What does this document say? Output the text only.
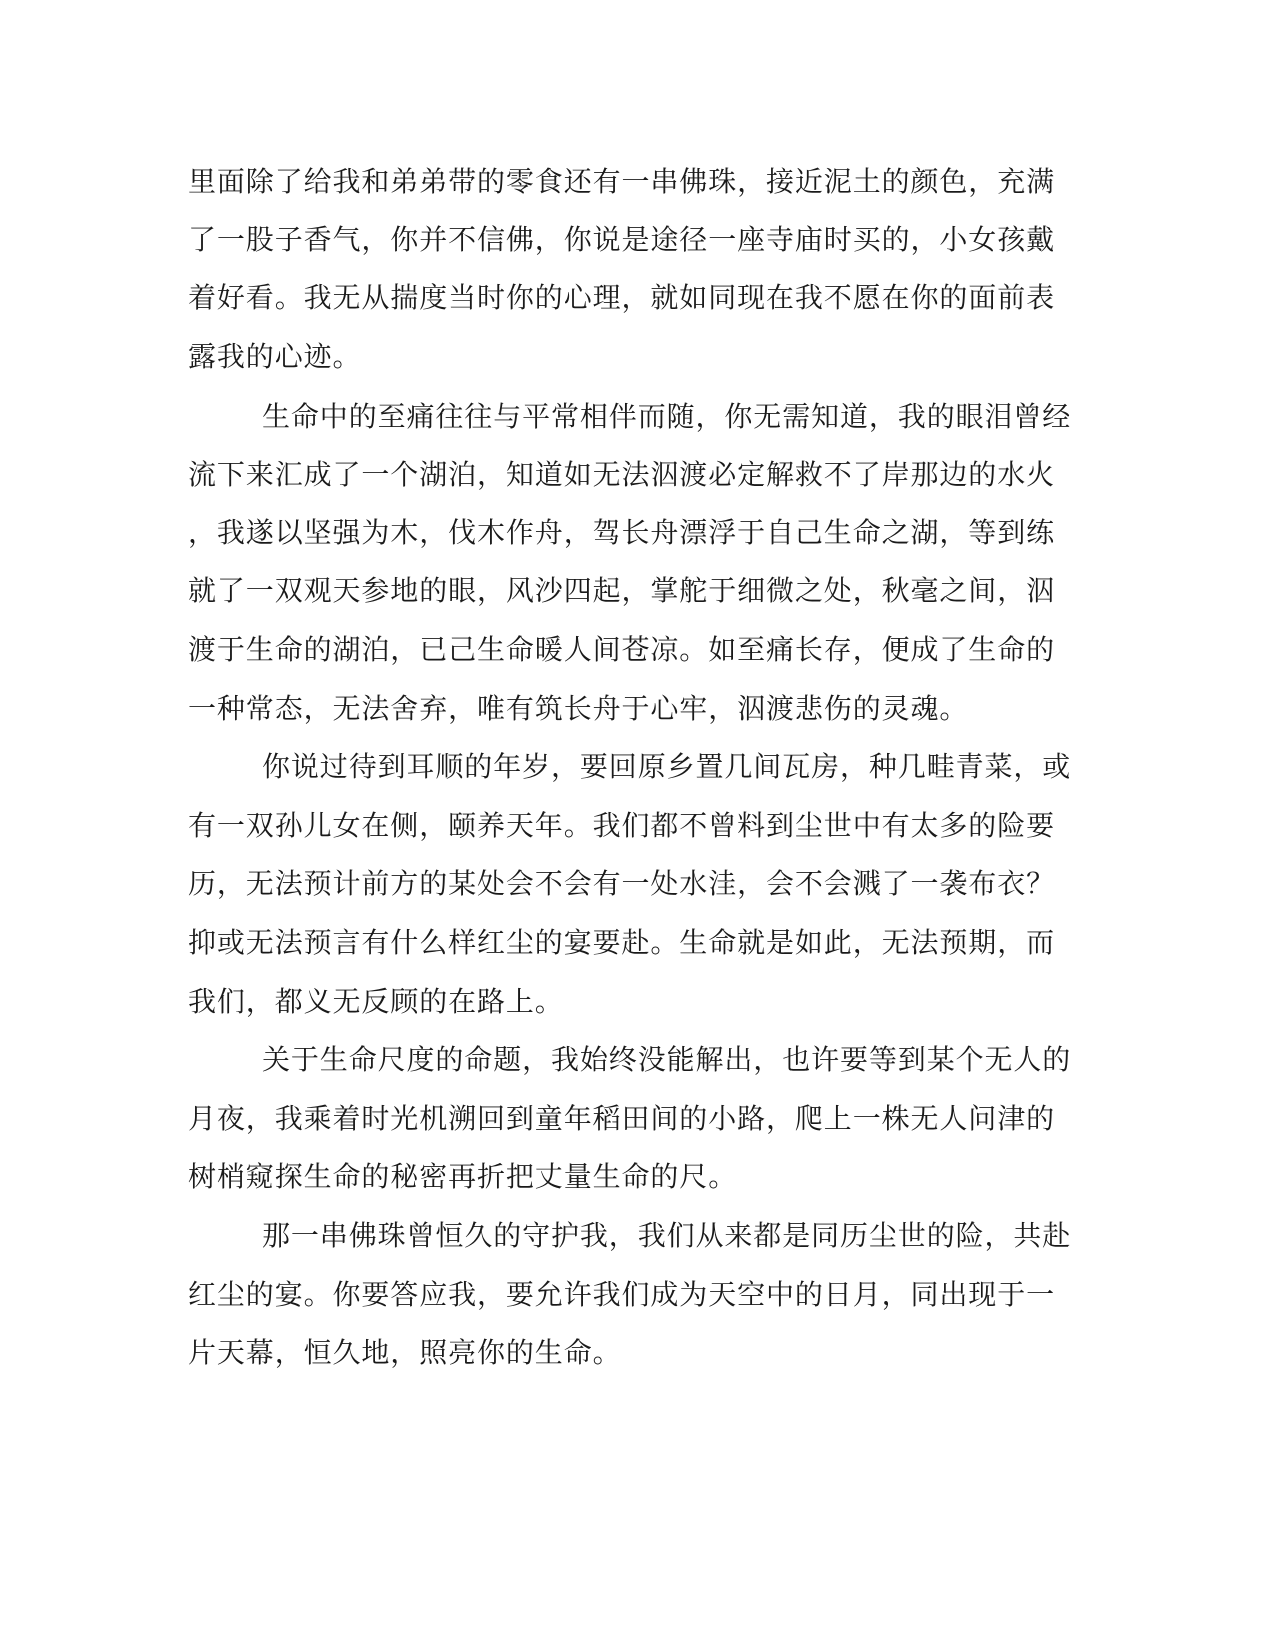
里面除了给我和弟弟带的零食还有一串佛珠，接近泥土的颜色，充满
了一股子香气，你并不信佛，你说是途径一座寺庙时买的，小女孩戴
着好看。我无从揣度当时你的心理，就如同现在我不愿在你的面前表
露我的心迹。
生命中的至痛往往与平常相伴而随，你无需知道，我的眼泪曾经
流下来汇成了一个湖泊，知道如无法泅渡必定解救不了岸那边的水火
，我遂以坚强为木，伐木作舟，驾长舟漂浮于自己生命之湖，等到练
就了一双观天参地的眼，风沙四起，掌舵于细微之处，秋毫之间，泅
渡于生命的湖泊，已己生命暖人间苍凉。如至痛长存，便成了生命的
一种常态，无法舍弃，唯有筑长舟于心牢，泅渡悲伤的灵魂。
你说过待到耳顺的年岁，要回原乡置几间瓦房，种几畦青菜，或
有一双孙儿女在侧，颐养天年。我们都不曾料到尘世中有太多的险要
历，无法预计前方的某处会不会有一处水洼，会不会溅了一袭布衣？
抑或无法预言有什么样红尘的宴要赴。生命就是如此，无法预期，而
我们，都义无反顾的在路上。
关于生命尺度的命题，我始终没能解出，也许要等到某个无人的
月夜，我乘着时光机溯回到童年稻田间的小路，爬上一株无人问津的
树梢窥探生命的秘密再折把丈量生命的尺。
那一串佛珠曾恒久的守护我，我们从来都是同历尘世的险，共赴
红尘的宴。你要答应我，要允许我们成为天空中的日月，同出现于一
片天幕，恒久地，照亮你的生命。
